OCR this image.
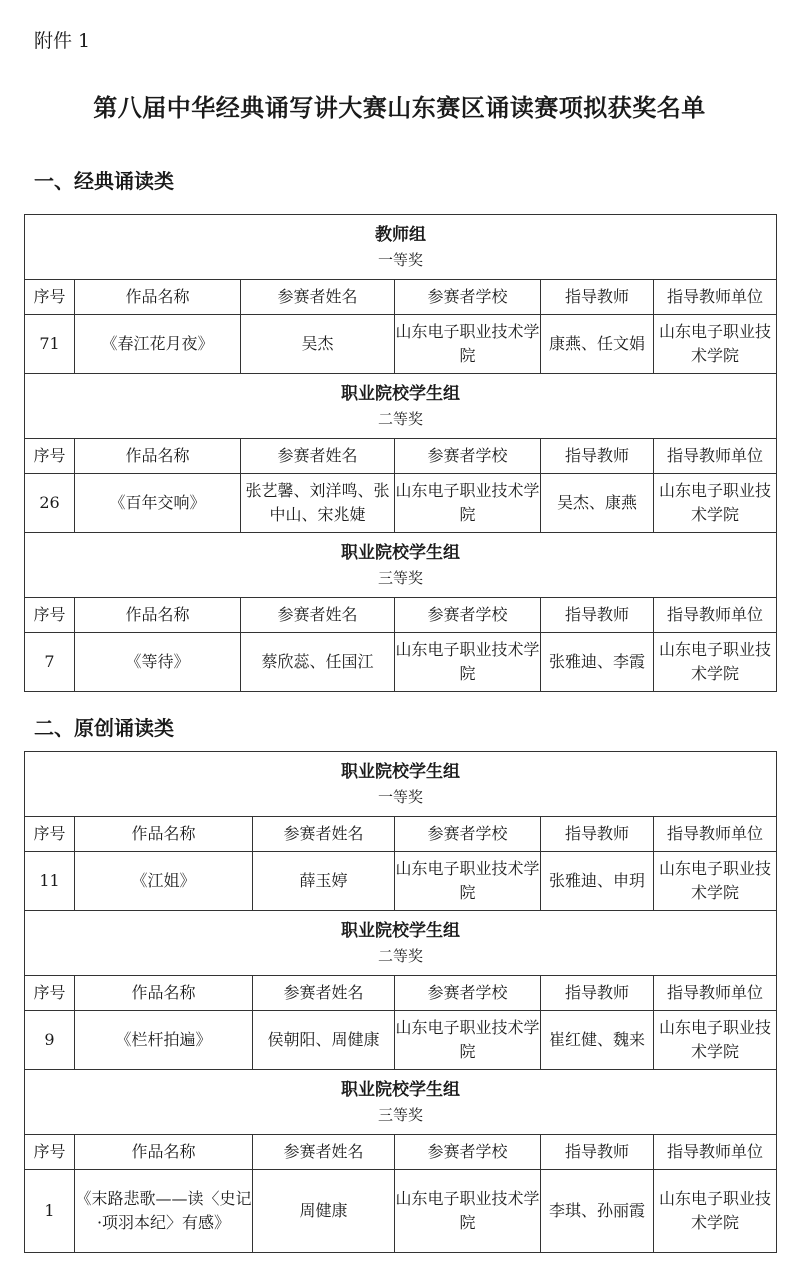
附件 1
第八届中华经典诵写讲大赛山东赛区诵读赛项拟获奖名单
一、经典诵读类
教师组
一等奖					

序号	作品名称	参赛者姓名	参赛者学校	指导教师	指导教师单位
71	《春江花月夜》	吴杰	山东电子职业技术学院	康燕、任文娟	山东电子职业技术学院

职业院校学生组
二等奖					

序号	作品名称	参赛者姓名	参赛者学校	指导教师	指导教师单位
26	《百年交响》	张艺馨、刘洋鸣、张中山、宋兆婕	山东电子职业技术学院	吴杰、康燕	山东电子职业技术学院

职业院校学生组
三等奖					

序号	作品名称	参赛者姓名	参赛者学校	指导教师	指导教师单位
7	《等待》	蔡欣蕊、任国江	山东电子职业技术学院	张雅迪、李霞	山东电子职业技术学院
二、原创诵读类
职业院校学生组
一等奖					

序号	作品名称	参赛者姓名	参赛者学校	指导教师	指导教师单位
11	《江姐》	薛玉婷	山东电子职业技术学院	张雅迪、申玥	山东电子职业技术学院

职业院校学生组
二等奖					

序号	作品名称	参赛者姓名	参赛者学校	指导教师	指导教师单位
9	《栏杆拍遍》	侯朝阳、周健康	山东电子职业技术学院	崔红健、魏来	山东电子职业技术学院

职业院校学生组
三等奖					

序号	作品名称	参赛者姓名	参赛者学校	指导教师	指导教师单位
1	《末路悲歌——读〈史记·项羽本纪〉有感》	周健康	山东电子职业技术学院	李琪、孙丽霞	山东电子职业技术学院
